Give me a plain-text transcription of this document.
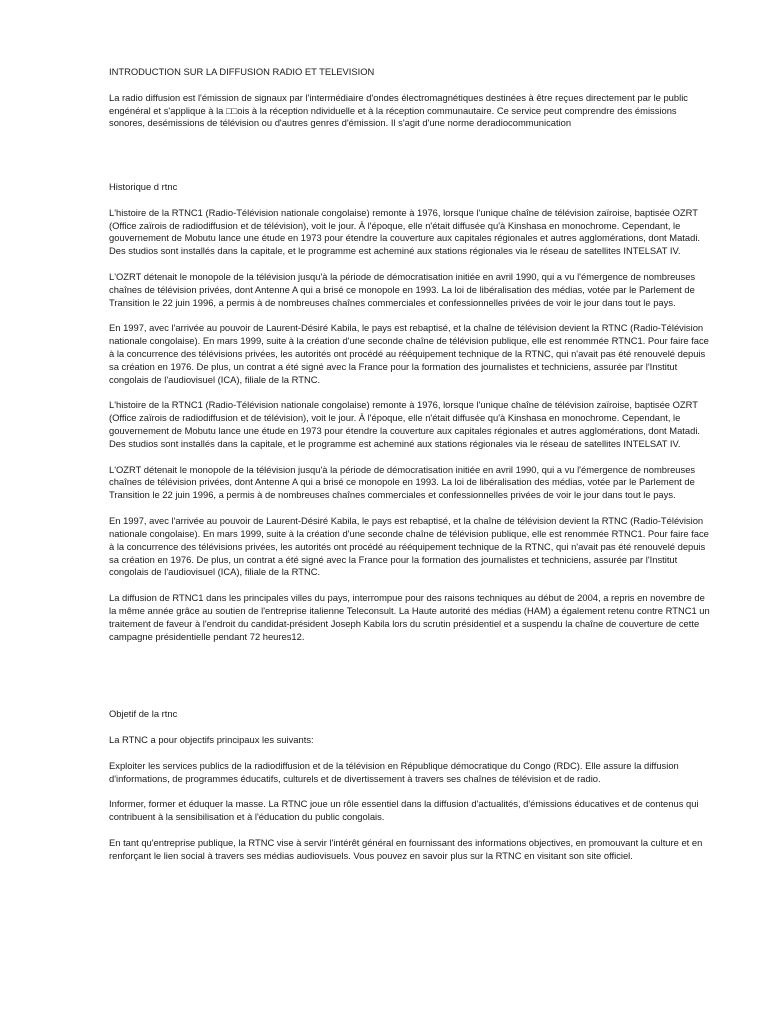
INTRODUCTION SUR LA DIFFUSION RADIO ET TELEVISION

La radio diffusion est l'émission de signaux par l'intermédiaire d'ondes électromagnétiques destinées à être reçues directement par le public engénéral et s'applique à la □□ois à la réception ndividuelle et à la réception communautaire. Ce service peut comprendre des émissions sonores, desémissions de télévision ou d'autres genres d'émission. Il s'agit d'une norme deradiocommunication

Historique d rtnc

L'histoire de la RTNC1 (Radio-Télévision nationale congolaise) remonte à 1976, lorsque l'unique chaîne de télévision zaïroise, baptisée OZRT (Office zaïrois de radiodiffusion et de télévision), voit le jour. À l'époque, elle n'était diffusée qu'à Kinshasa en monochrome. Cependant, le gouvernement de Mobutu lance une étude en 1973 pour étendre la couverture aux capitales régionales et autres agglomérations, dont Matadi. Des studios sont installés dans la capitale, et le programme est acheminé aux stations régionales via le réseau de satellites INTELSAT IV.

L'OZRT détenait le monopole de la télévision jusqu'à la période de démocratisation initiée en avril 1990, qui a vu l'émergence de nombreuses chaînes de télévision privées, dont Antenne A qui a brisé ce monopole en 1993. La loi de libéralisation des médias, votée par le Parlement de Transition le 22 juin 1996, a permis à de nombreuses chaînes commerciales et confessionnelles privées de voir le jour dans tout le pays.

En 1997, avec l'arrivée au pouvoir de Laurent-Désiré Kabila, le pays est rebaptisé, et la chaîne de télévision devient la RTNC (Radio-Télévision nationale congolaise). En mars 1999, suite à la création d'une seconde chaîne de télévision publique, elle est renommée RTNC1. Pour faire face à la concurrence des télévisions privées, les autorités ont procédé au rééquipement technique de la RTNC, qui n'avait pas été renouvelé depuis sa création en 1976. De plus, un contrat a été signé avec la France pour la formation des journalistes et techniciens, assurée par l'Institut congolais de l'audiovisuel (ICA), filiale de la RTNC.

L'histoire de la RTNC1 (Radio-Télévision nationale congolaise) remonte à 1976, lorsque l'unique chaîne de télévision zaïroise, baptisée OZRT (Office zaïrois de radiodiffusion et de télévision), voit le jour. À l'époque, elle n'était diffusée qu'à Kinshasa en monochrome. Cependant, le gouvernement de Mobutu lance une étude en 1973 pour étendre la couverture aux capitales régionales et autres agglomérations, dont Matadi. Des studios sont installés dans la capitale, et le programme est acheminé aux stations régionales via le réseau de satellites INTELSAT IV.

L'OZRT détenait le monopole de la télévision jusqu'à la période de démocratisation initiée en avril 1990, qui a vu l'émergence de nombreuses chaînes de télévision privées, dont Antenne A qui a brisé ce monopole en 1993. La loi de libéralisation des médias, votée par le Parlement de Transition le 22 juin 1996, a permis à de nombreuses chaînes commerciales et confessionnelles privées de voir le jour dans tout le pays.

En 1997, avec l'arrivée au pouvoir de Laurent-Désiré Kabila, le pays est rebaptisé, et la chaîne de télévision devient la RTNC (Radio-Télévision nationale congolaise). En mars 1999, suite à la création d'une seconde chaîne de télévision publique, elle est renommée RTNC1. Pour faire face à la concurrence des télévisions privées, les autorités ont procédé au rééquipement technique de la RTNC, qui n'avait pas été renouvelé depuis sa création en 1976. De plus, un contrat a été signé avec la France pour la formation des journalistes et techniciens, assurée par l'Institut congolais de l'audiovisuel (ICA), filiale de la RTNC.

La diffusion de RTNC1 dans les principales villes du pays, interrompue pour des raisons techniques au début de 2004, a repris en novembre de la même année grâce au soutien de l'entreprise italienne Teleconsult. La Haute autorité des médias (HAM) a également retenu contre RTNC1 un traitement de faveur à l'endroit du candidat-président Joseph Kabila lors du scrutin présidentiel et a suspendu la chaîne de couverture de cette campagne présidentielle pendant 72 heures12.

Objetif de la rtnc

La RTNC a pour objectifs principaux les suivants:

Exploiter les services publics de la radiodiffusion et de la télévision en République démocratique du Congo (RDC). Elle assure la diffusion d'informations, de programmes éducatifs, culturels et de divertissement à travers ses chaînes de télévision et de radio.

Informer, former et éduquer la masse. La RTNC joue un rôle essentiel dans la diffusion d'actualités, d'émissions éducatives et de contenus qui contribuent à la sensibilisation et à l'éducation du public congolais.

En tant qu'entreprise publique, la RTNC vise à servir l'intérêt général en fournissant des informations objectives, en promouvant la culture et en renforçant le lien social à travers ses médias audiovisuels. Vous pouvez en savoir plus sur la RTNC en visitant son site officiel.
